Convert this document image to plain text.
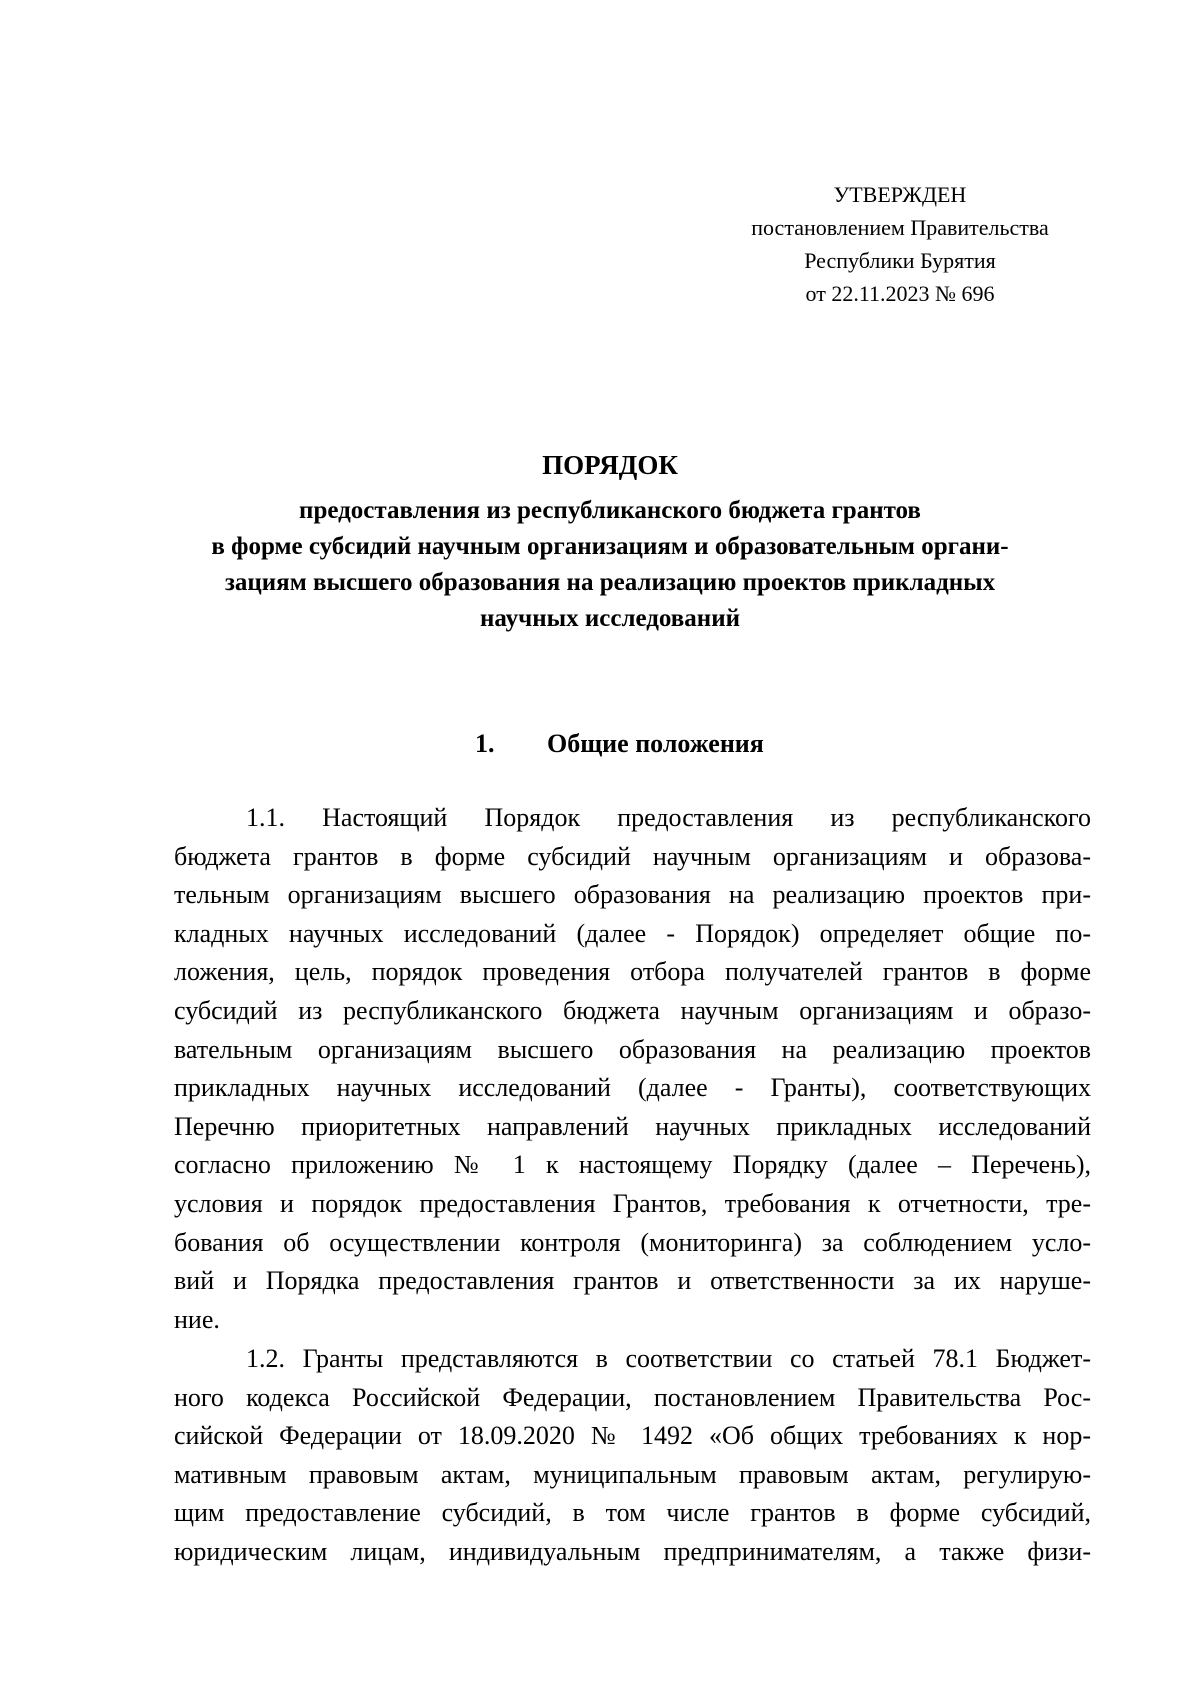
УТВЕРЖДЕН
постановлением Правительства
Республики Бурятия
от 22.11.2023 № 696
ПОРЯДОК
предоставления из республиканского бюджета грантов
в форме субсидий научным организациям и образовательным органи-
зациям высшего образования на реализацию проектов прикладных
научных исследований
1. Общие положения
1.1. Настоящий Порядок предоставления из республиканского
бюджета грантов в форме субсидий научным организациям и образова-
тельным организациям высшего образования на реализацию проектов при-
кладных научных исследований (далее - Порядок) определяет общие по-
ложения, цель, порядок проведения отбора получателей грантов в форме
субсидий из республиканского бюджета научным организациям и образо-
вательным организациям высшего образования на реализацию проектов
прикладных научных исследований (далее - Гранты), соответствующих
Перечню приоритетных направлений научных прикладных исследований
согласно приложению № 1 к настоящему Порядку (далее – Перечень),
условия и порядок предоставления Грантов, требования к отчетности, тре-
бования об осуществлении контроля (мониторинга) за соблюдением усло-
вий и Порядка предоставления грантов и ответственности за их наруше-
ние.
1.2. Гранты представляются в соответствии со статьей 78.1 Бюджет-
ного кодекса Российской Федерации, постановлением Правительства Рос-
сийской Федерации от 18.09.2020 № 1492 «Об общих требованиях к нор-
мативным правовым актам, муниципальным правовым актам, регулирую-
щим предоставление субсидий, в том числе грантов в форме субсидий,
юридическим лицам, индивидуальным предпринимателям, а также физи-
